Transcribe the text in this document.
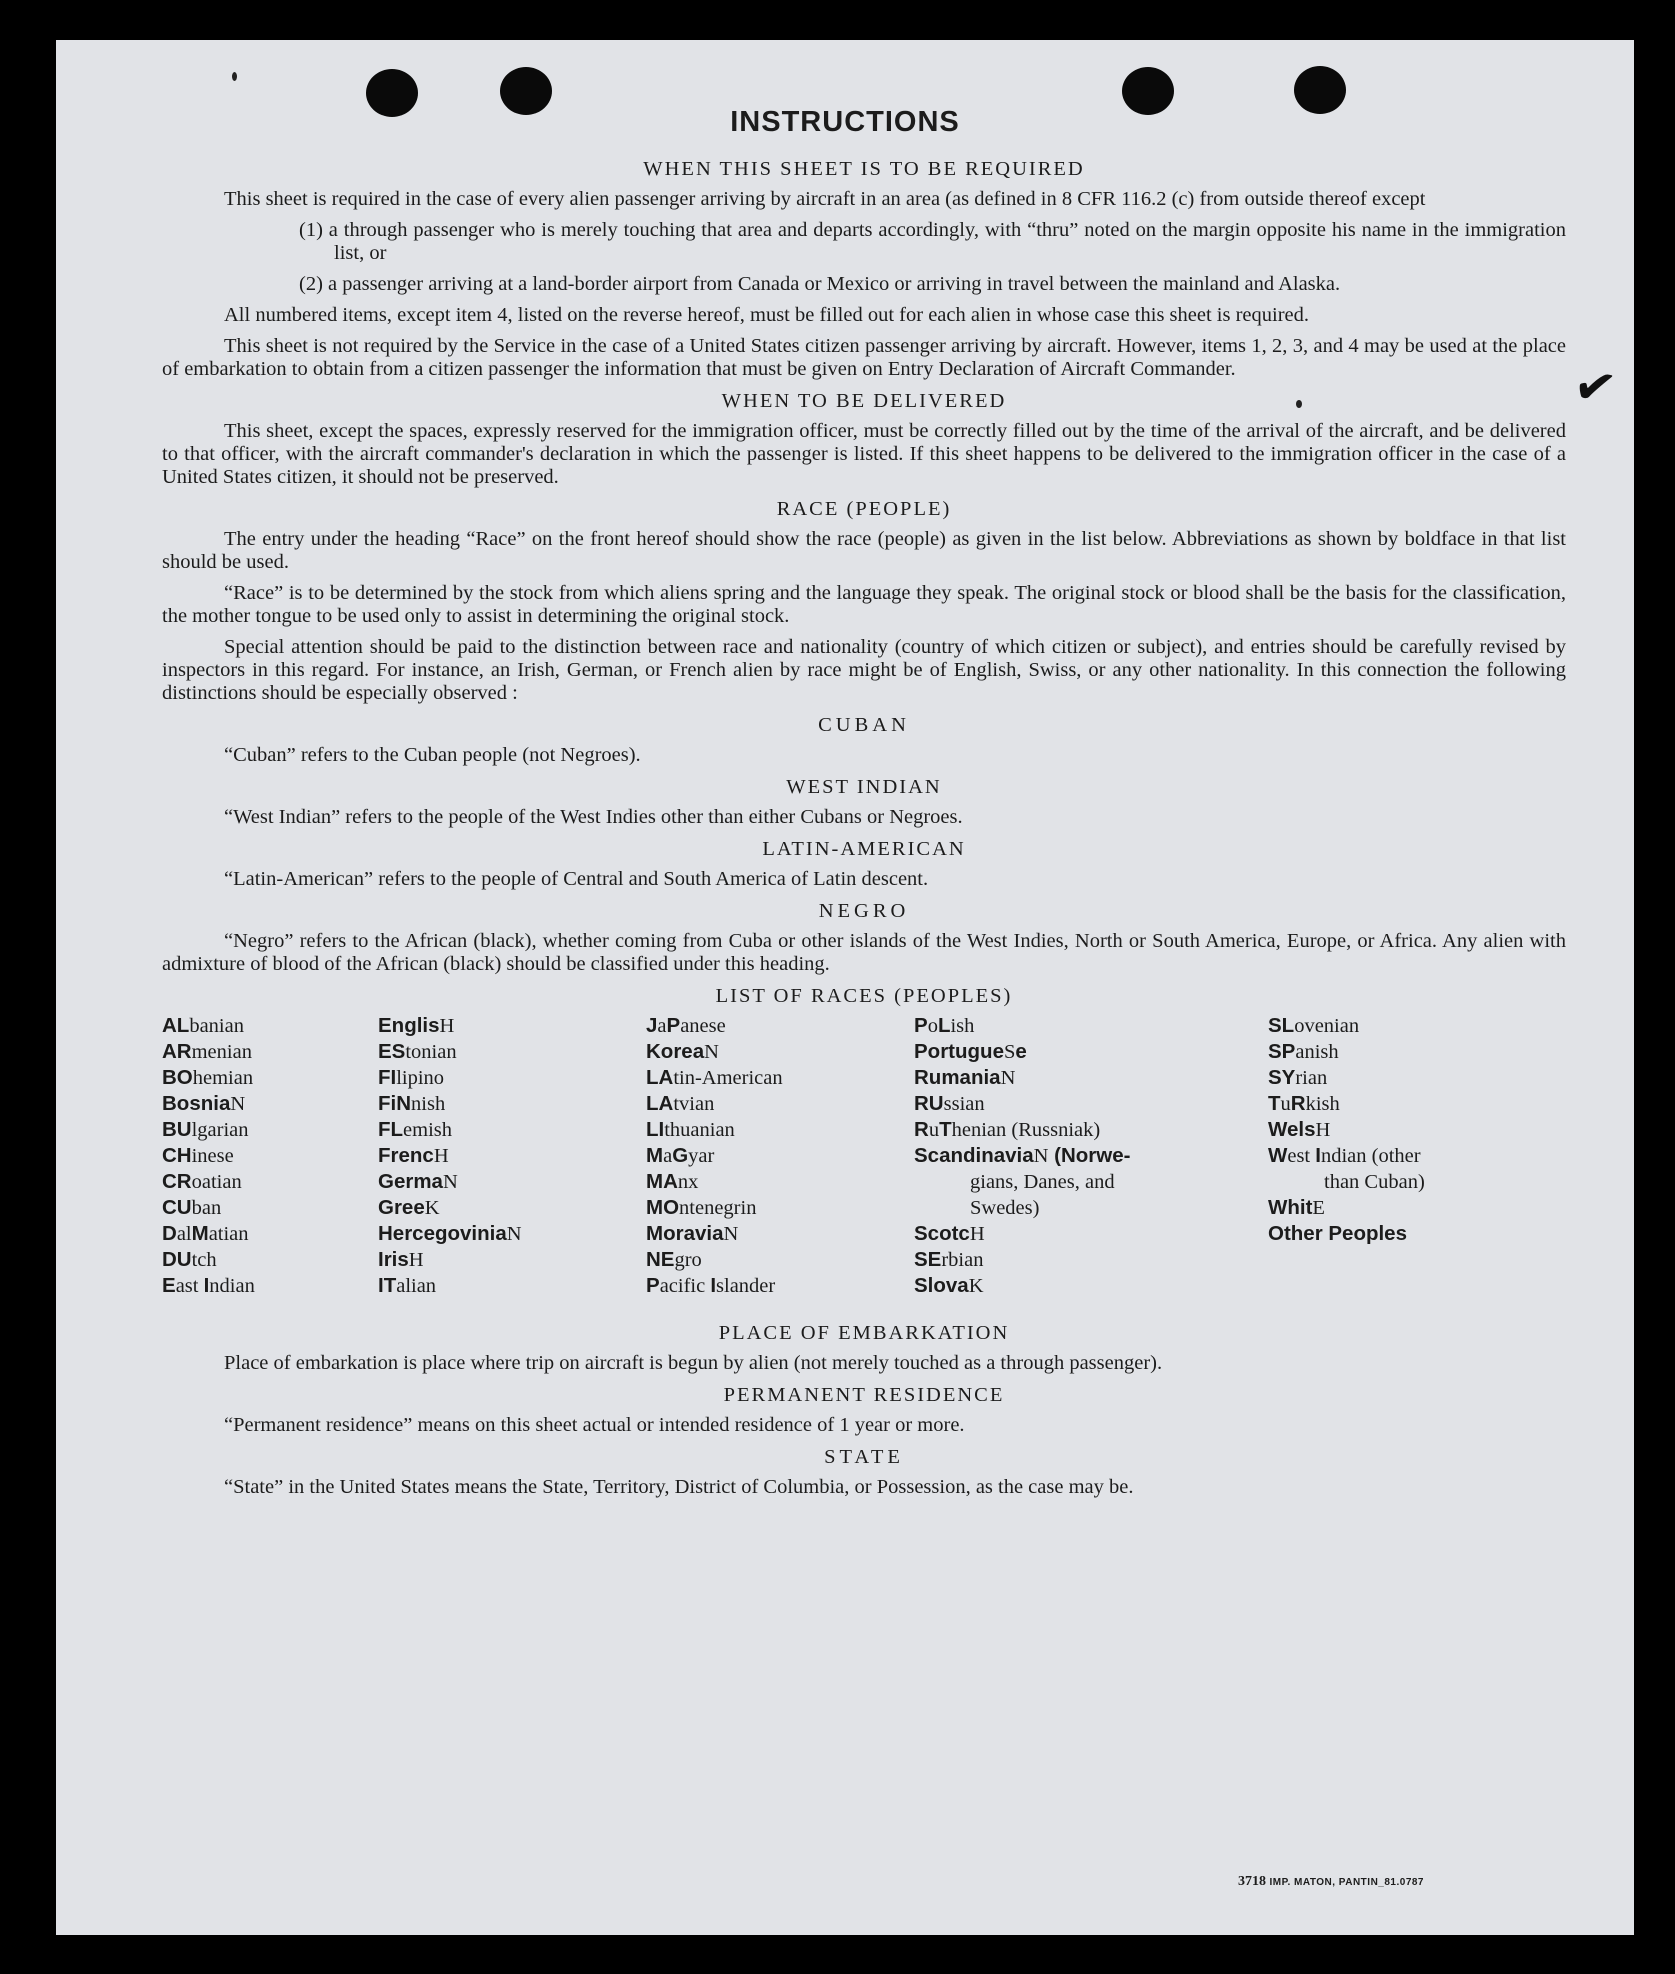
✔
INSTRUCTIONS
WHEN THIS SHEET IS TO BE REQUIRED

This sheet is required in the case of every alien passenger arriving by aircraft in an area (as defined in 8 CFR 116.2 (c) from outside thereof except

(1) a through passenger who is merely touching that area and departs accordingly, with “thru” noted on the margin opposite his name in the immigration list, or

(2) a passenger arriving at a land-border airport from Canada or Mexico or arriving in travel between the mainland and Alaska.

All numbered items, except item 4, listed on the reverse hereof, must be filled out for each alien in whose case this sheet is required.

This sheet is not required by the Service in the case of a United States citizen passenger arriving by aircraft. However, items 1, 2, 3, and 4 may be used at the place of embarkation to obtain from a citizen passenger the information that must be given on Entry Declaration of Aircraft Commander.

WHEN TO BE DELIVERED

This sheet, except the spaces, expressly reserved for the immigration officer, must be correctly filled out by the time of the arrival of the aircraft, and be delivered to that officer, with the aircraft commander's declaration in which the passenger is listed. If this sheet happens to be delivered to the immigration officer in the case of a United States citizen, it should not be preserved.

RACE (PEOPLE)

The entry under the heading “Race” on the front hereof should show the race (people) as given in the list below. Abbreviations as shown by boldface in that list should be used.

“Race” is to be determined by the stock from which aliens spring and the language they speak. The original stock or blood shall be the basis for the classification, the mother tongue to be used only to assist in determining the original stock.

Special attention should be paid to the distinction between race and nationality (country of which citizen or subject), and entries should be carefully revised by inspectors in this regard. For instance, an Irish, German, or French alien by race might be of English, Swiss, or any other nationality. In this connection the following distinctions should be especially observed :

CUBAN

“Cuban” refers to the Cuban people (not Negroes).

WEST INDIAN

“West Indian” refers to the people of the West Indies other than either Cubans or Negroes.

LATIN-AMERICAN

“Latin-American” refers to the people of Central and South America of Latin descent.

NEGRO

“Negro” refers to the African (black), whether coming from Cuba or other islands of the West Indies, North or South America, Europe, or Africa. Any alien with admixture of blood of the African (black) should be classified under this heading.

LIST OF RACES (PEOPLES)
ALbanian
ARmenian
BOhemian
BosniaN
BUlgarian
CHinese
CRoatian
CUban
DalMatian
DUtch
East Indian
EnglisH
EStonian
FIlipino
FiNnish
FLemish
FrencH
GermaN
GreeK
HercegoviniaN
IrisH
ITalian
JaPanese
KoreaN
LAtin-American
LAtvian
LIthuanian
MaGyar
MAnx
MOntenegrin
MoraviaN
NEgro
Pacific Islander
PoLish
PortugueSe
RumaniaN
RUssian
RuThenian (Russniak)
ScandinaviaN (Norwe-
gians, Danes, and
Swedes)
ScotcH
SErbian
SlovaK
SLovenian
SPanish
SYrian
TuRkish
WelsH
West Indian (other
than Cuban)
WhitE
Other Peoples
PLACE OF EMBARKATION

Place of embarkation is place where trip on aircraft is begun by alien (not merely touched as a through passenger).

PERMANENT RESIDENCE

“Permanent residence” means on this sheet actual or intended residence of 1 year or more.

STATE

“State” in the United States means the State, Territory, District of Columbia, or Possession, as the case may be.

3718 IMP. MATON, PANTIN_81.0787
